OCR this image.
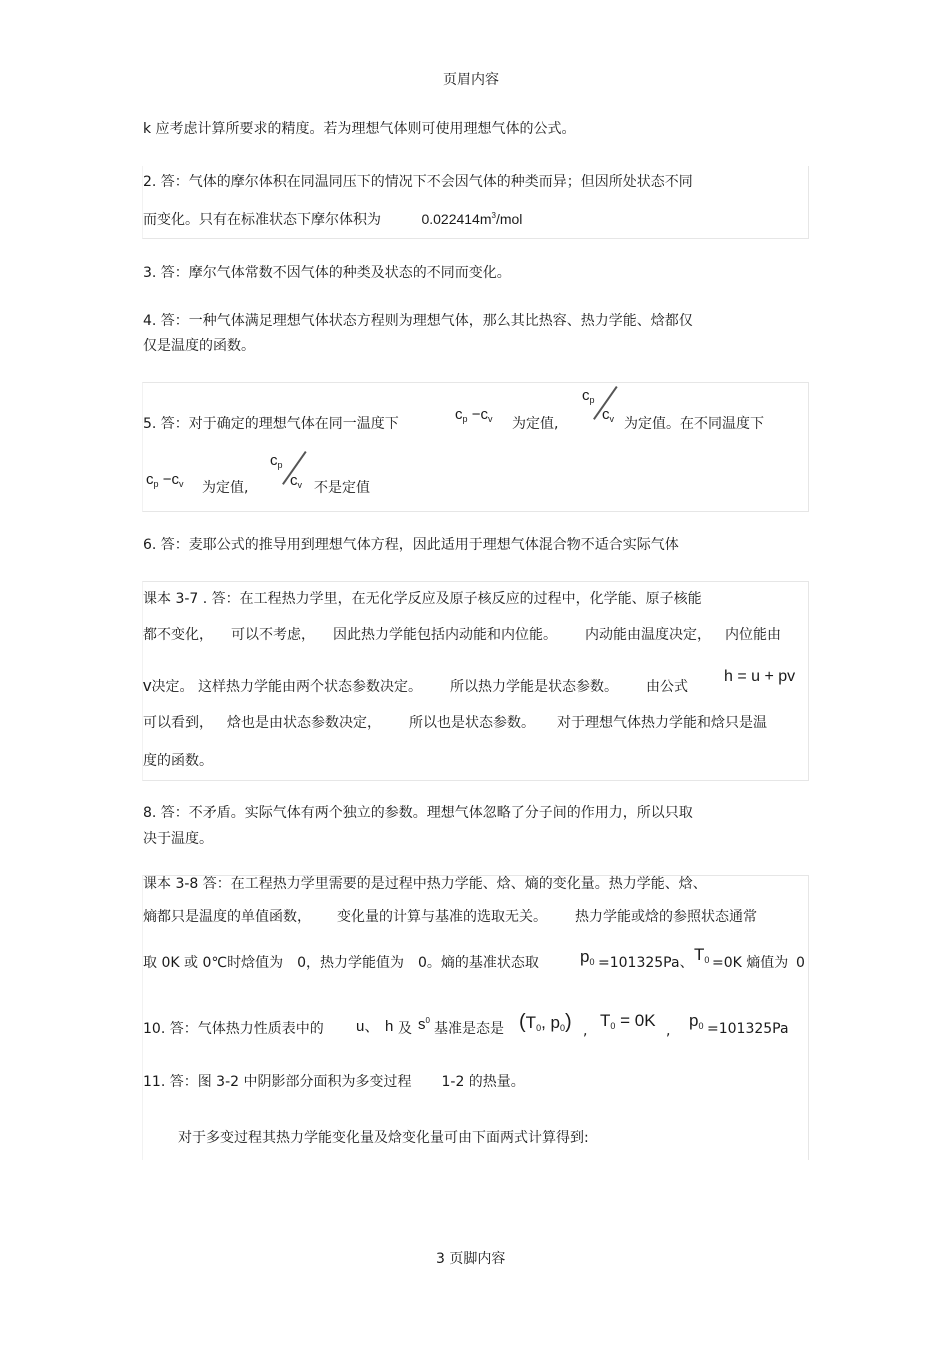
页眉内容
k 应考虑计算所要求的精度。若为理想气体则可使用理想气体的公式。
2. 答：气体的摩尔体积在同温同压下的情况下不会因气体的种类而异；但因所处状态不同
而变化。只有在标准状态下摩尔体积为	$0.022414m^3$/mol
3. 答：摩尔气体常数不因气体的种类及状态的不同而变化。
4. 答：一种气体满足理想气体状态方程则为理想气体，那么其比热容、热力学能、焓都仅
仅是温度的函数。
5. 答：对于确定的理想气体在同一温度下
$c_p -c_v$ 为定值,
$c_p$
$c_v$ 为定值。在不同温度下
$c_p -c_v$ 为定值,
$c_p$
$c_v$ 不是定值
6. 答：麦耶公式的推导用到理想气体方程，因此适用于理想气体混合物不适合实际气体
课本 3-7 . 答：在工程热力学里，在无化学反应及原子核反应的过程中，化学能、原子核能
都不变化， 可以不考虑， 因此热力学能包括内动能和内位能。 内动能由温度决定， 内位能由
v决定。 这样热力学能由两个状态参数决定。 所以热力学能是状态参数。 由公式
h = u + pv
可以看到， 焓也是由状态参数决定， 所以也是状态参数。 对于理想气体热力学能和焓只是温
度的函数。
8. 答：不矛盾。实际气体有两个独立的参数。理想气体忽略了分子间的作用力，所以只取
决于温度。
课本 3-8 答：在工程热力学里需要的是过程中热力学能、焓、熵的变化量。热力学能、焓、
熵都只是温度的单值函数， 变化量的计算与基准的选取无关。 热力学能或焓的参照状态通常
取 0K 或 0℃时焓值为 0，热力学能值为 0。熵的基准状态取 p0 =101325Pa、 T0 =0K 熵值为 0
10. 答：气体热力性质表中的 u、 h 及 $s^0$
基准是态是 (T0, p0) ,
T0 = 0K
,
p0 =101325Pa
11. 答：图 3-2 中阴影部分面积为多变过程 1-2 的热量。
对于多变过程其热力学能变化量及焓变化量可由下面两式计算得到:
3 页脚内容
